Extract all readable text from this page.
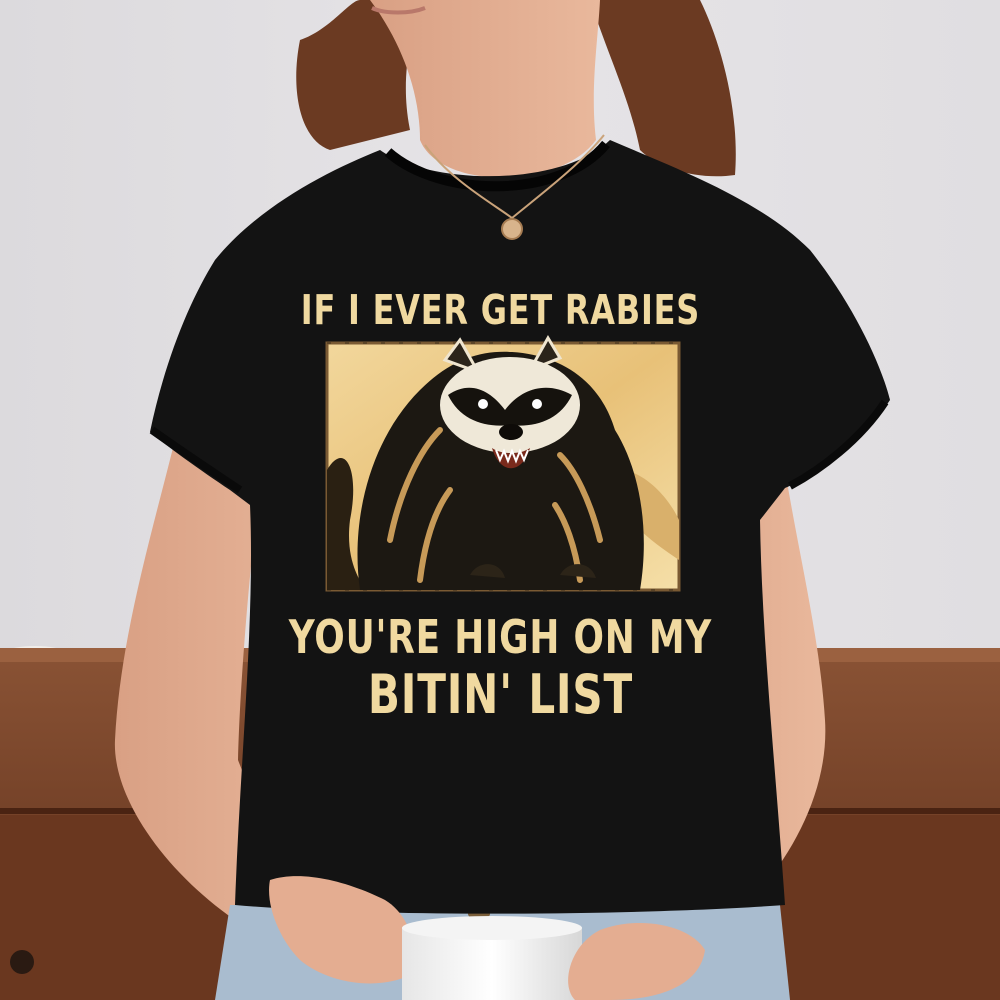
IF I EVER GET RABIES
YOU'RE HIGH ON MY
BITIN' LIST
